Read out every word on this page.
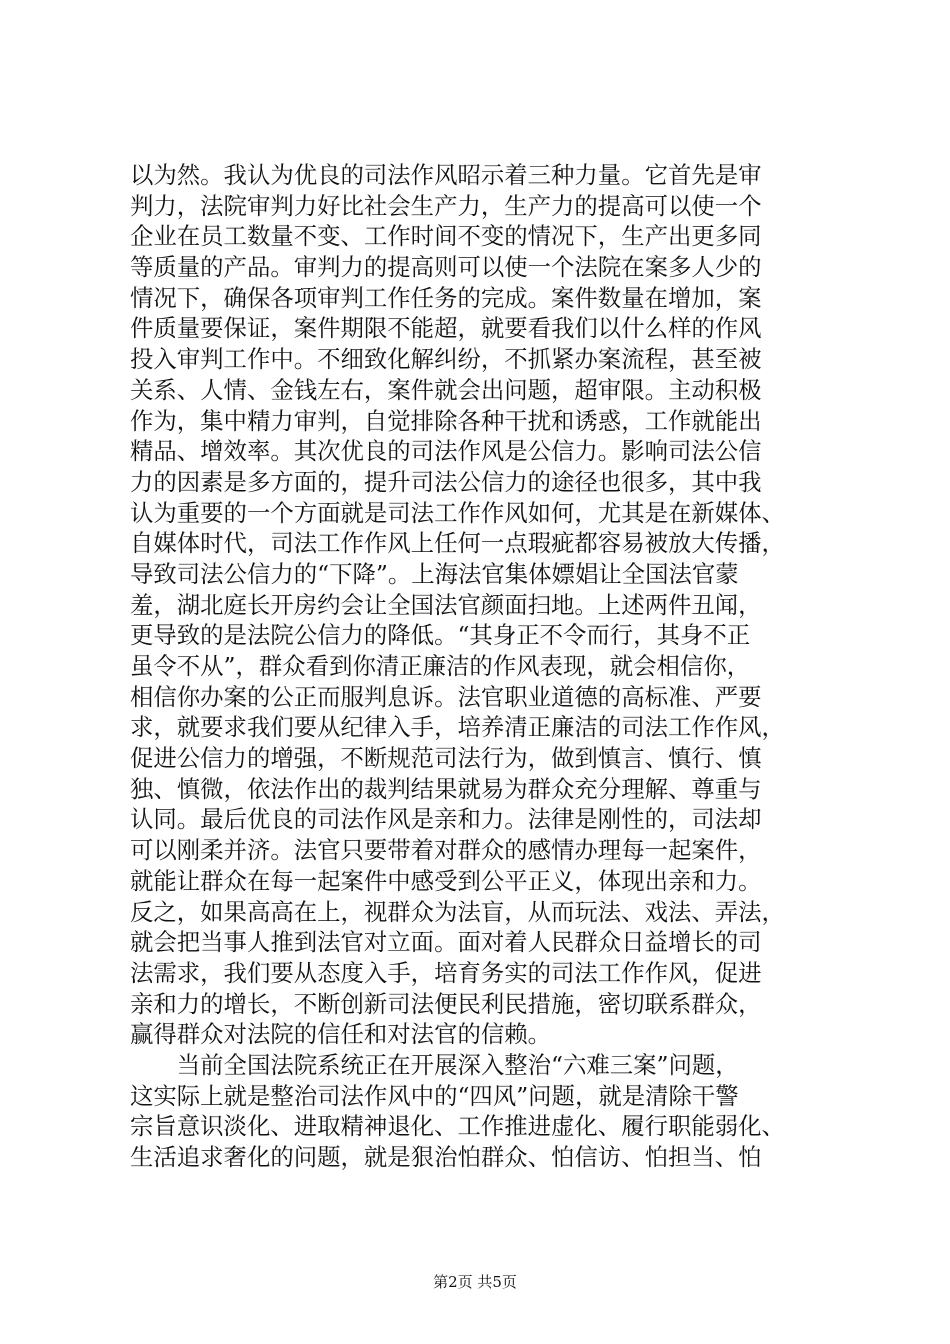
以为然。我认为优良的司法作风昭示着三种力量。它首先是审
判力，法院审判力好比社会生产力，生产力的提高可以使一个
企业在员工数量不变、工作时间不变的情况下，生产出更多同
等质量的产品。审判力的提高则可以使一个法院在案多人少的
情况下，确保各项审判工作任务的完成。案件数量在增加，案
件质量要保证，案件期限不能超，就要看我们以什么样的作风
投入审判工作中。不细致化解纠纷，不抓紧办案流程，甚至被
关系、人情、金钱左右，案件就会出问题，超审限。主动积极
作为，集中精力审判，自觉排除各种干扰和诱惑，工作就能出
精品、增效率。其次优良的司法作风是公信力。影响司法公信
力的因素是多方面的，提升司法公信力的途径也很多，其中我
认为重要的一个方面就是司法工作作风如何，尤其是在新媒体、
自媒体时代，司法工作作风上任何一点瑕疵都容易被放大传播，
导致司法公信力的“下降”。上海法官集体嫖娼让全国法官蒙
羞，湖北庭长开房约会让全国法官颜面扫地。上述两件丑闻，
更导致的是法院公信力的降低。“其身正不令而行，其身不正
虽令不从”，群众看到你清正廉洁的作风表现，就会相信你，
相信你办案的公正而服判息诉。法官职业道德的高标准、严要
求，就要求我们要从纪律入手，培养清正廉洁的司法工作作风，
促进公信力的增强，不断规范司法行为，做到慎言、慎行、慎
独、慎微，依法作出的裁判结果就易为群众充分理解、尊重与
认同。最后优良的司法作风是亲和力。法律是刚性的，司法却
可以刚柔并济。法官只要带着对群众的感情办理每一起案件，
就能让群众在每一起案件中感受到公平正义，体现出亲和力。
反之，如果高高在上，视群众为法盲，从而玩法、戏法、弄法，
就会把当事人推到法官对立面。面对着人民群众日益增长的司
法需求，我们要从态度入手，培育务实的司法工作作风，促进
亲和力的增长，不断创新司法便民利民措施，密切联系群众，
赢得群众对法院的信任和对法官的信赖。
　　当前全国法院系统正在开展深入整治“六难三案”问题，
这实际上就是整治司法作风中的“四风”问题，就是清除干警
宗旨意识淡化、进取精神退化、工作推进虚化、履行职能弱化、
生活追求奢化的问题，就是狠治怕群众、怕信访、怕担当、怕
第2页 共5页
